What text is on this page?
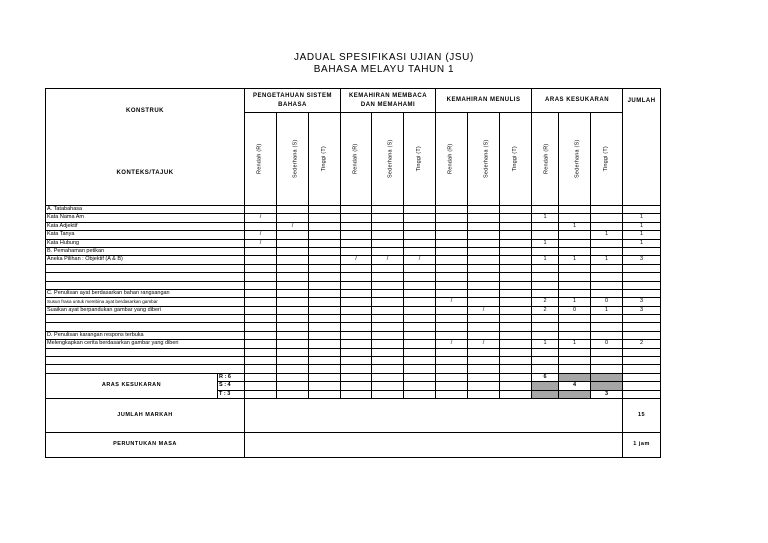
JADUAL SPESIFIKASI UJIAN (JSU)
BAHASA MELAYU TAHUN 1
KONSTRUK
KONTEKS/TAJUK		PENGETAHUAN SISTEM BAHASA			KEMAHIRAN MEMBACA DAN MEMAHAMI			KEMAHIRAN MENULIS			ARAS KESUKARAN			JUMLAH
		Rendah (R)	Sederhana (S)	Tinggi (T)	Rendah (R)	Sederhana (S)	Tinggi (T)	Rendah (R)	Sederhana (S)	Tinggi (T)	Rendah (R)	Sederhana (S)	Tinggi (T)	
A. Tatabahasa														
Kata Nama Am		/									1			1
Kata Adjektif			/									1		1
Kata Tanya		/											1	1
Kata Hubung		/									1			1
B. Pemahaman petikan														
Aneka Pilihan : Objektif (A & B)					/	/	/				1	1	1	3

C. Penulisan ayat berdasarkan bahan rangsangan														
Susun frasa untuk membina ayat berdasarkan gambar								/			2	1	0	3
Suaikan ayat berpandukan gambar yang diberi									/		2	0	1	3

D. Penulisan karangan respons terbuka														
Melengkapkan cerita berdasarkan gambar yang diberi								/	/		1	1	0	2

ARAS KESUKARAN	R : 6										6			
	S : 4											4		
	T : 3												3	
JUMLAH MARKAH														15
PERUNTUKAN MASA														1 jam
